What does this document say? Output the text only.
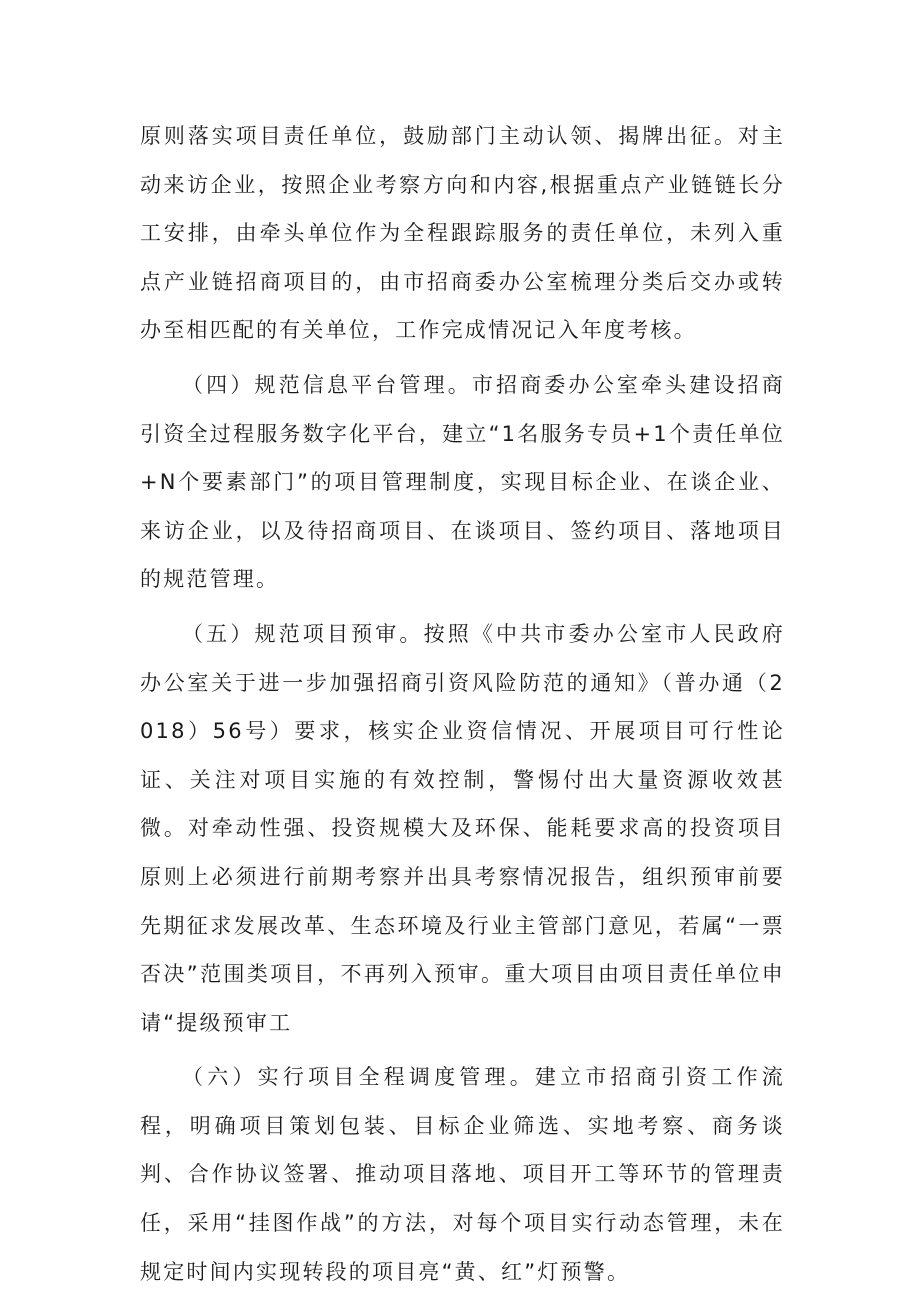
原则落实项目责任单位，鼓励部门主动认领、揭牌出征。对主动来访企业，按照企业考察方向和内容,根据重点产业链链长分工安排，由牵头单位作为全程跟踪服务的责任单位，未列入重点产业链招商项目的，由市招商委办公室梳理分类后交办或转办至相匹配的有关单位，工作完成情况记入年度考核。

（四）规范信息平台管理。市招商委办公室牵头建设招商引资全过程服务数字化平台，建立“1名服务专员+1个责任单位+N个要素部门”的项目管理制度，实现目标企业、在谈企业、来访企业，以及待招商项目、在谈项目、签约项目、落地项目的规范管理。

（五）规范项目预审。按照《中共市委办公室市人民政府办公室关于进一步加强招商引资风险防范的通知》（普办通（2018）56号）要求，核实企业资信情况、开展项目可行性论证、关注对项目实施的有效控制，警惕付出大量资源收效甚微。对牵动性强、投资规模大及环保、能耗要求高的投资项目原则上必须进行前期考察并出具考察情况报告，组织预审前要先期征求发展改革、生态环境及行业主管部门意见，若属“一票否决”范围类项目，不再列入预审。重大项目由项目责任单位申请“提级预审工

（六）实行项目全程调度管理。建立市招商引资工作流程，明确项目策划包装、目标企业筛选、实地考察、商务谈判、合作协议签署、推动项目落地、项目开工等环节的管理责任，采用“挂图作战”的方法，对每个项目实行动态管理，未在规定时间内实现转段的项目亮“黄、红”灯预警。
